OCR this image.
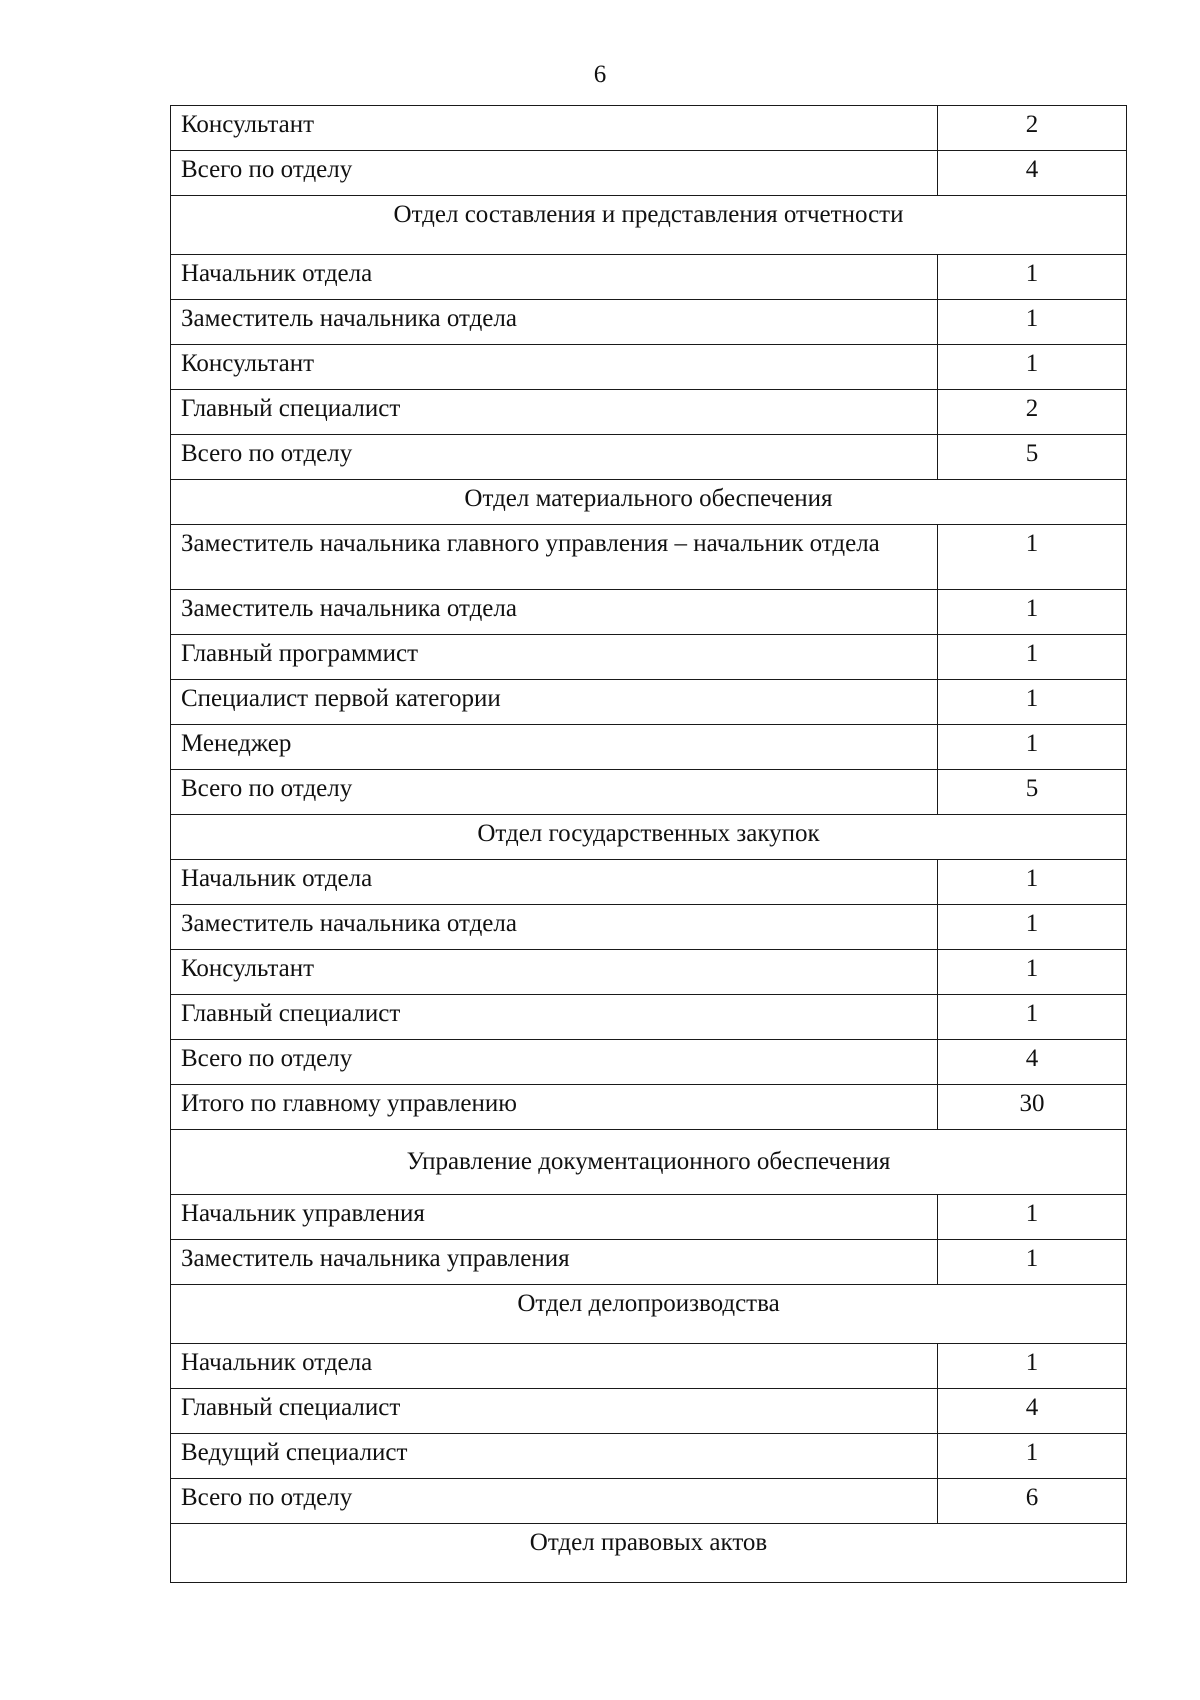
6
Консультант	2
Всего по отделу	4
Отдел составления и представления отчетности	
Начальник отдела	1
Заместитель начальника отдела	1
Консультант	1
Главный специалист	2
Всего по отделу	5
Отдел материального обеспечения	
Заместитель начальника главного управления – начальник отдела	1
Заместитель начальника отдела	1
Главный программист	1
Специалист первой категории	1
Менеджер	1
Всего по отделу	5
Отдел государственных закупок	
Начальник отдела	1
Заместитель начальника отдела	1
Консультант	1
Главный специалист	1
Всего по отделу	4
Итого по главному управлению	30
Управление документационного обеспечения	
Начальник управления	1
Заместитель начальника управления	1
Отдел делопроизводства	
Начальник отдела	1
Главный специалист	4
Ведущий специалист	1
Всего по отделу	6
Отдел правовых актов	
